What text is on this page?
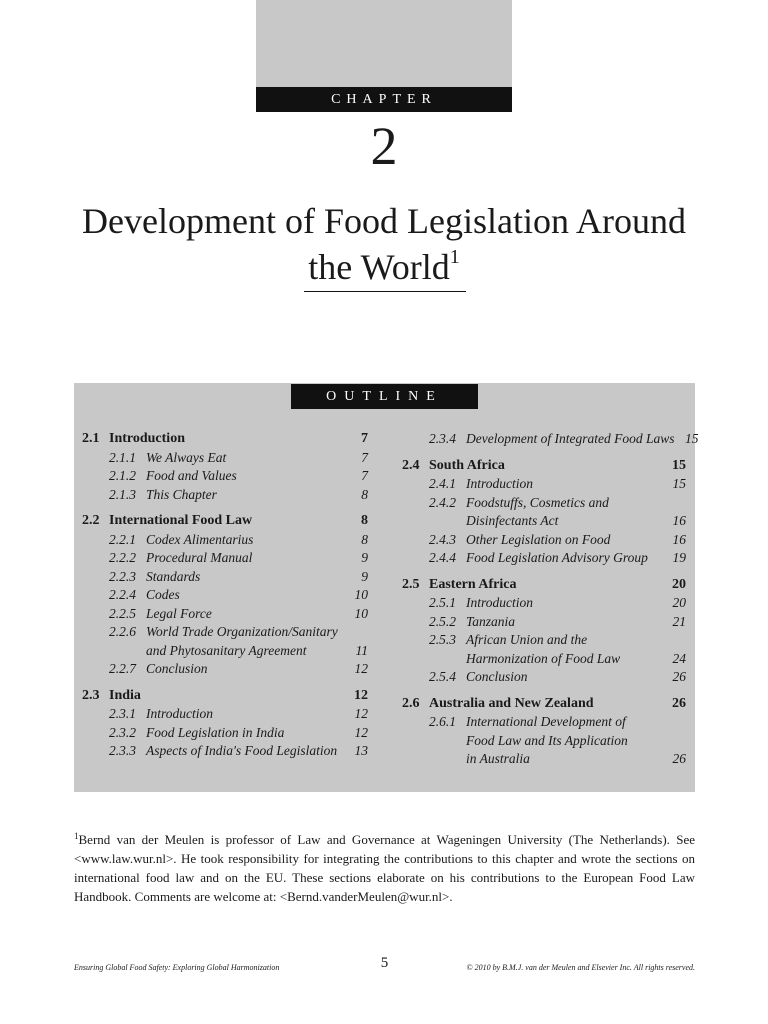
CHAPTER
2
Development of Food Legislation Around
the World$^1$
OUTLINE
2.1 Introduction	7
2.1.1 We Always Eat	7
2.1.2 Food and Values	7
2.1.3 This Chapter	8
2.2 International Food Law	8
2.2.1 Codex Alimentarius	8
2.2.2 Procedural Manual	9
2.2.3 Standards	9
2.2.4 Codes	10
2.2.5 Legal Force	10
2.2.6 World Trade Organization/Sanitary
and Phytosanitary Agreement	11
2.2.7 Conclusion	12
2.3 India	12
2.3.1 Introduction	12
2.3.2 Food Legislation in India	12
2.3.3 Aspects of India's Food Legislation	13
2.3.4 Development of Integrated Food Laws 15
2.4 South Africa	15
2.4.1 Introduction	15
2.4.2 Foodstuffs, Cosmetics and
Disinfectants Act	16
2.4.3 Other Legislation on Food	16
2.4.4 Food Legislation Advisory Group	19
2.5 Eastern Africa	20
2.5.1 Introduction	20
2.5.2 Tanzania	21
2.5.3 African Union and the
Harmonization of Food Law	24
2.5.4 Conclusion	26
2.6 Australia and New Zealand	26
2.6.1 International Development of
Food Law and Its Application
in Australia	26
$^1$Bernd van der Meulen is professor of Law and Governance at Wageningen University (The Netherlands). See <www.law.wur.nl>. He took responsibility for integrating the contributions to this chapter and wrote the sections on international food law and on the EU. These sections elaborate on his contributions to the European Food Law Handbook. Comments are welcome at: <Bernd.vanderMeulen@wur.nl>.
Ensuring Global Food Safety: Exploring Global Harmonization	5	© 2010 by B.M.J. van der Meulen and Elsevier Inc. All rights reserved.
